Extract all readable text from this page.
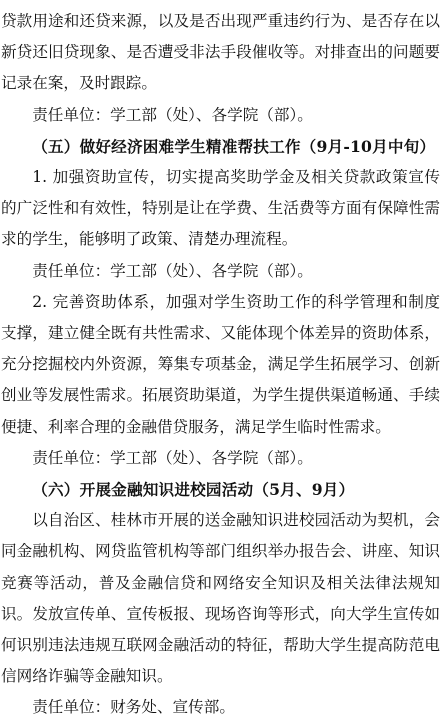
贷款用途和还贷来源，以及是否出现严重违约行为、是否存在以新贷还旧贷现象、是否遭受非法手段催收等。对排查出的问题要记录在案，及时跟踪。

责任单位：学工部（处）、各学院（部）。

（五）做好经济困难学生精准帮扶工作（9月-10月中旬）

1. 加强资助宣传，切实提高奖助学金及相关贷款政策宣传的广泛性和有效性，特别是让在学费、生活费等方面有保障性需求的学生，能够明了政策、清楚办理流程。

责任单位：学工部（处）、各学院（部）。

2. 完善资助体系，加强对学生资助工作的科学管理和制度支撑，建立健全既有共性需求、又能体现个体差异的资助体系，充分挖掘校内外资源，筹集专项基金，满足学生拓展学习、创新创业等发展性需求。拓展资助渠道，为学生提供渠道畅通、手续便捷、利率合理的金融借贷服务，满足学生临时性需求。

责任单位：学工部（处）、各学院（部）。

（六）开展金融知识进校园活动（5月、9月）

以自治区、桂林市开展的送金融知识进校园活动为契机，会同金融机构、网贷监管机构等部门组织举办报告会、讲座、知识竞赛等活动，普及金融信贷和网络安全知识及相关法律法规知识。发放宣传单、宣传板报、现场咨询等形式，向大学生宣传如何识别违法违规互联网金融活动的特征，帮助大学生提高防范电信网络诈骗等金融知识。

责任单位：财务处、宣传部。
